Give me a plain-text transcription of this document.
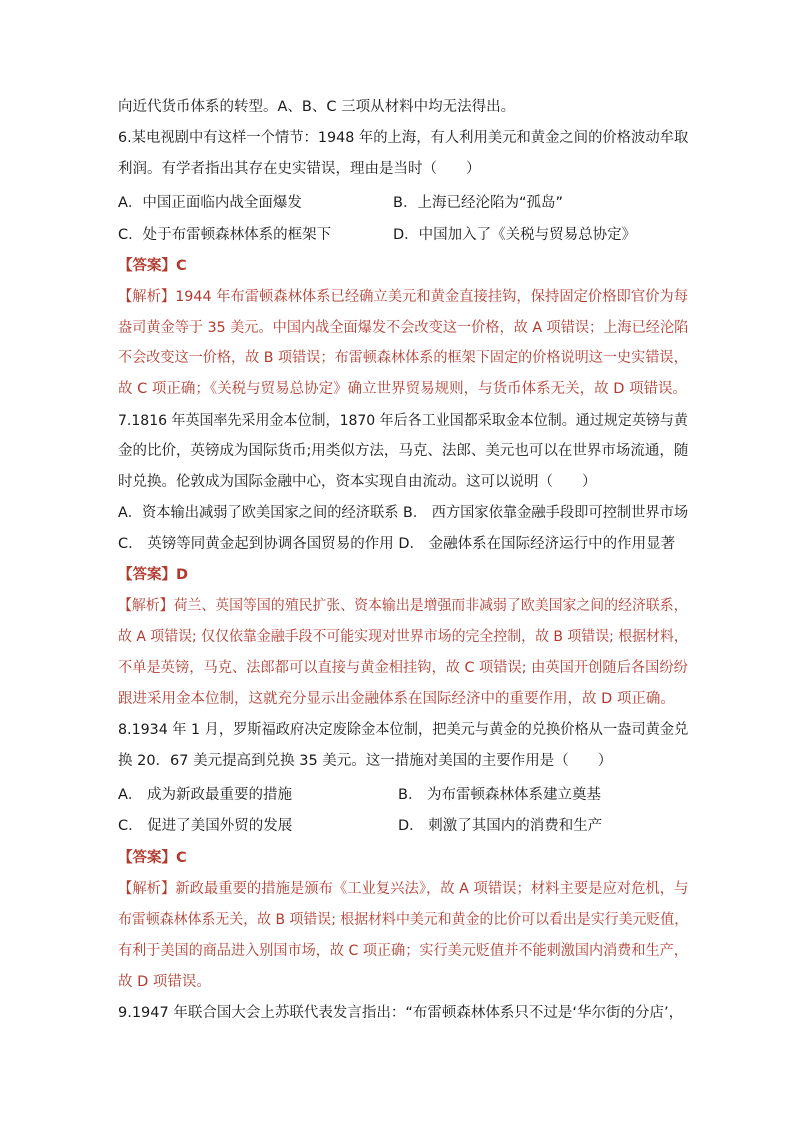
向近代货币体系的转型。A、B、C 三项从材料中均无法得出。
6.某电视剧中有这样一个情节：1948 年的上海，有人利用美元和黄金之间的价格波动牟取
利润。有学者指出其存在史实错误，理由是当时（　　）
A．中国正面临内战全面爆发	B．上海已经沦陷为“孤岛”
C．处于布雷顿森林体系的框架下	D．中国加入了《关税与贸易总协定》
【答案】C
【解析】1944 年布雷顿森林体系已经确立美元和黄金直接挂钩，保持固定价格即官价为每
盎司黄金等于 35 美元。中国内战全面爆发不会改变这一价格，故 A 项错误；上海已经沦陷
不会改变这一价格，故 B 项错误；布雷顿森林体系的框架下固定的价格说明这一史实错误，
故 C 项正确；《关税与贸易总协定》确立世界贸易规则，与货币体系无关，故 D 项错误。
7.1816 年英国率先采用金本位制，1870 年后各工业国都采取金本位制。通过规定英镑与黄
金的比价，英镑成为国际货币;用类似方法，马克、法郎、美元也可以在世界市场流通，随
时兑换。伦敦成为国际金融中心，资本实现自由流动。这可以说明（　　）
A．资本输出减弱了欧美国家之间的经济联系 B． 西方国家依靠金融手段即可控制世界市场
C． 英镑等同黄金起到协调各国贸易的作用 D． 金融体系在国际经济运行中的作用显著
【答案】D
【解析】荷兰、英国等国的殖民扩张、资本输出是增强而非减弱了欧美国家之间的经济联系，
故 A 项错误; 仅仅依靠金融手段不可能实现对世界市场的完全控制，故 B 项错误; 根据材料，
不单是英镑，马克、法郎都可以直接与黄金相挂钩，故 C 项错误; 由英国开创随后各国纷纷
跟进采用金本位制，这就充分显示出金融体系在国际经济中的重要作用，故 D 项正确。
8.1934 年 1 月，罗斯福政府决定废除金本位制，把美元与黄金的兑换价格从一盎司黄金兑
换 20．67 美元提高到兑换 35 美元。这一措施对美国的主要作用是（　　）
A． 成为新政最重要的措施	B． 为布雷顿森林体系建立奠基
C． 促进了美国外贸的发展	D． 刺激了其国内的消费和生产
【答案】C
【解析】新政最重要的措施是颁布《工业复兴法》，故 A 项错误；材料主要是应对危机，与
布雷顿森林体系无关，故 B 项错误; 根据材料中美元和黄金的比价可以看出是实行美元贬值，
有利于美国的商品进入别国市场，故 C 项正确；实行美元贬值并不能刺激国内消费和生产，
故 D 项错误。
9.1947 年联合国大会上苏联代表发言指出：“布雷顿森林体系只不过是‘华尔街的分店’，
